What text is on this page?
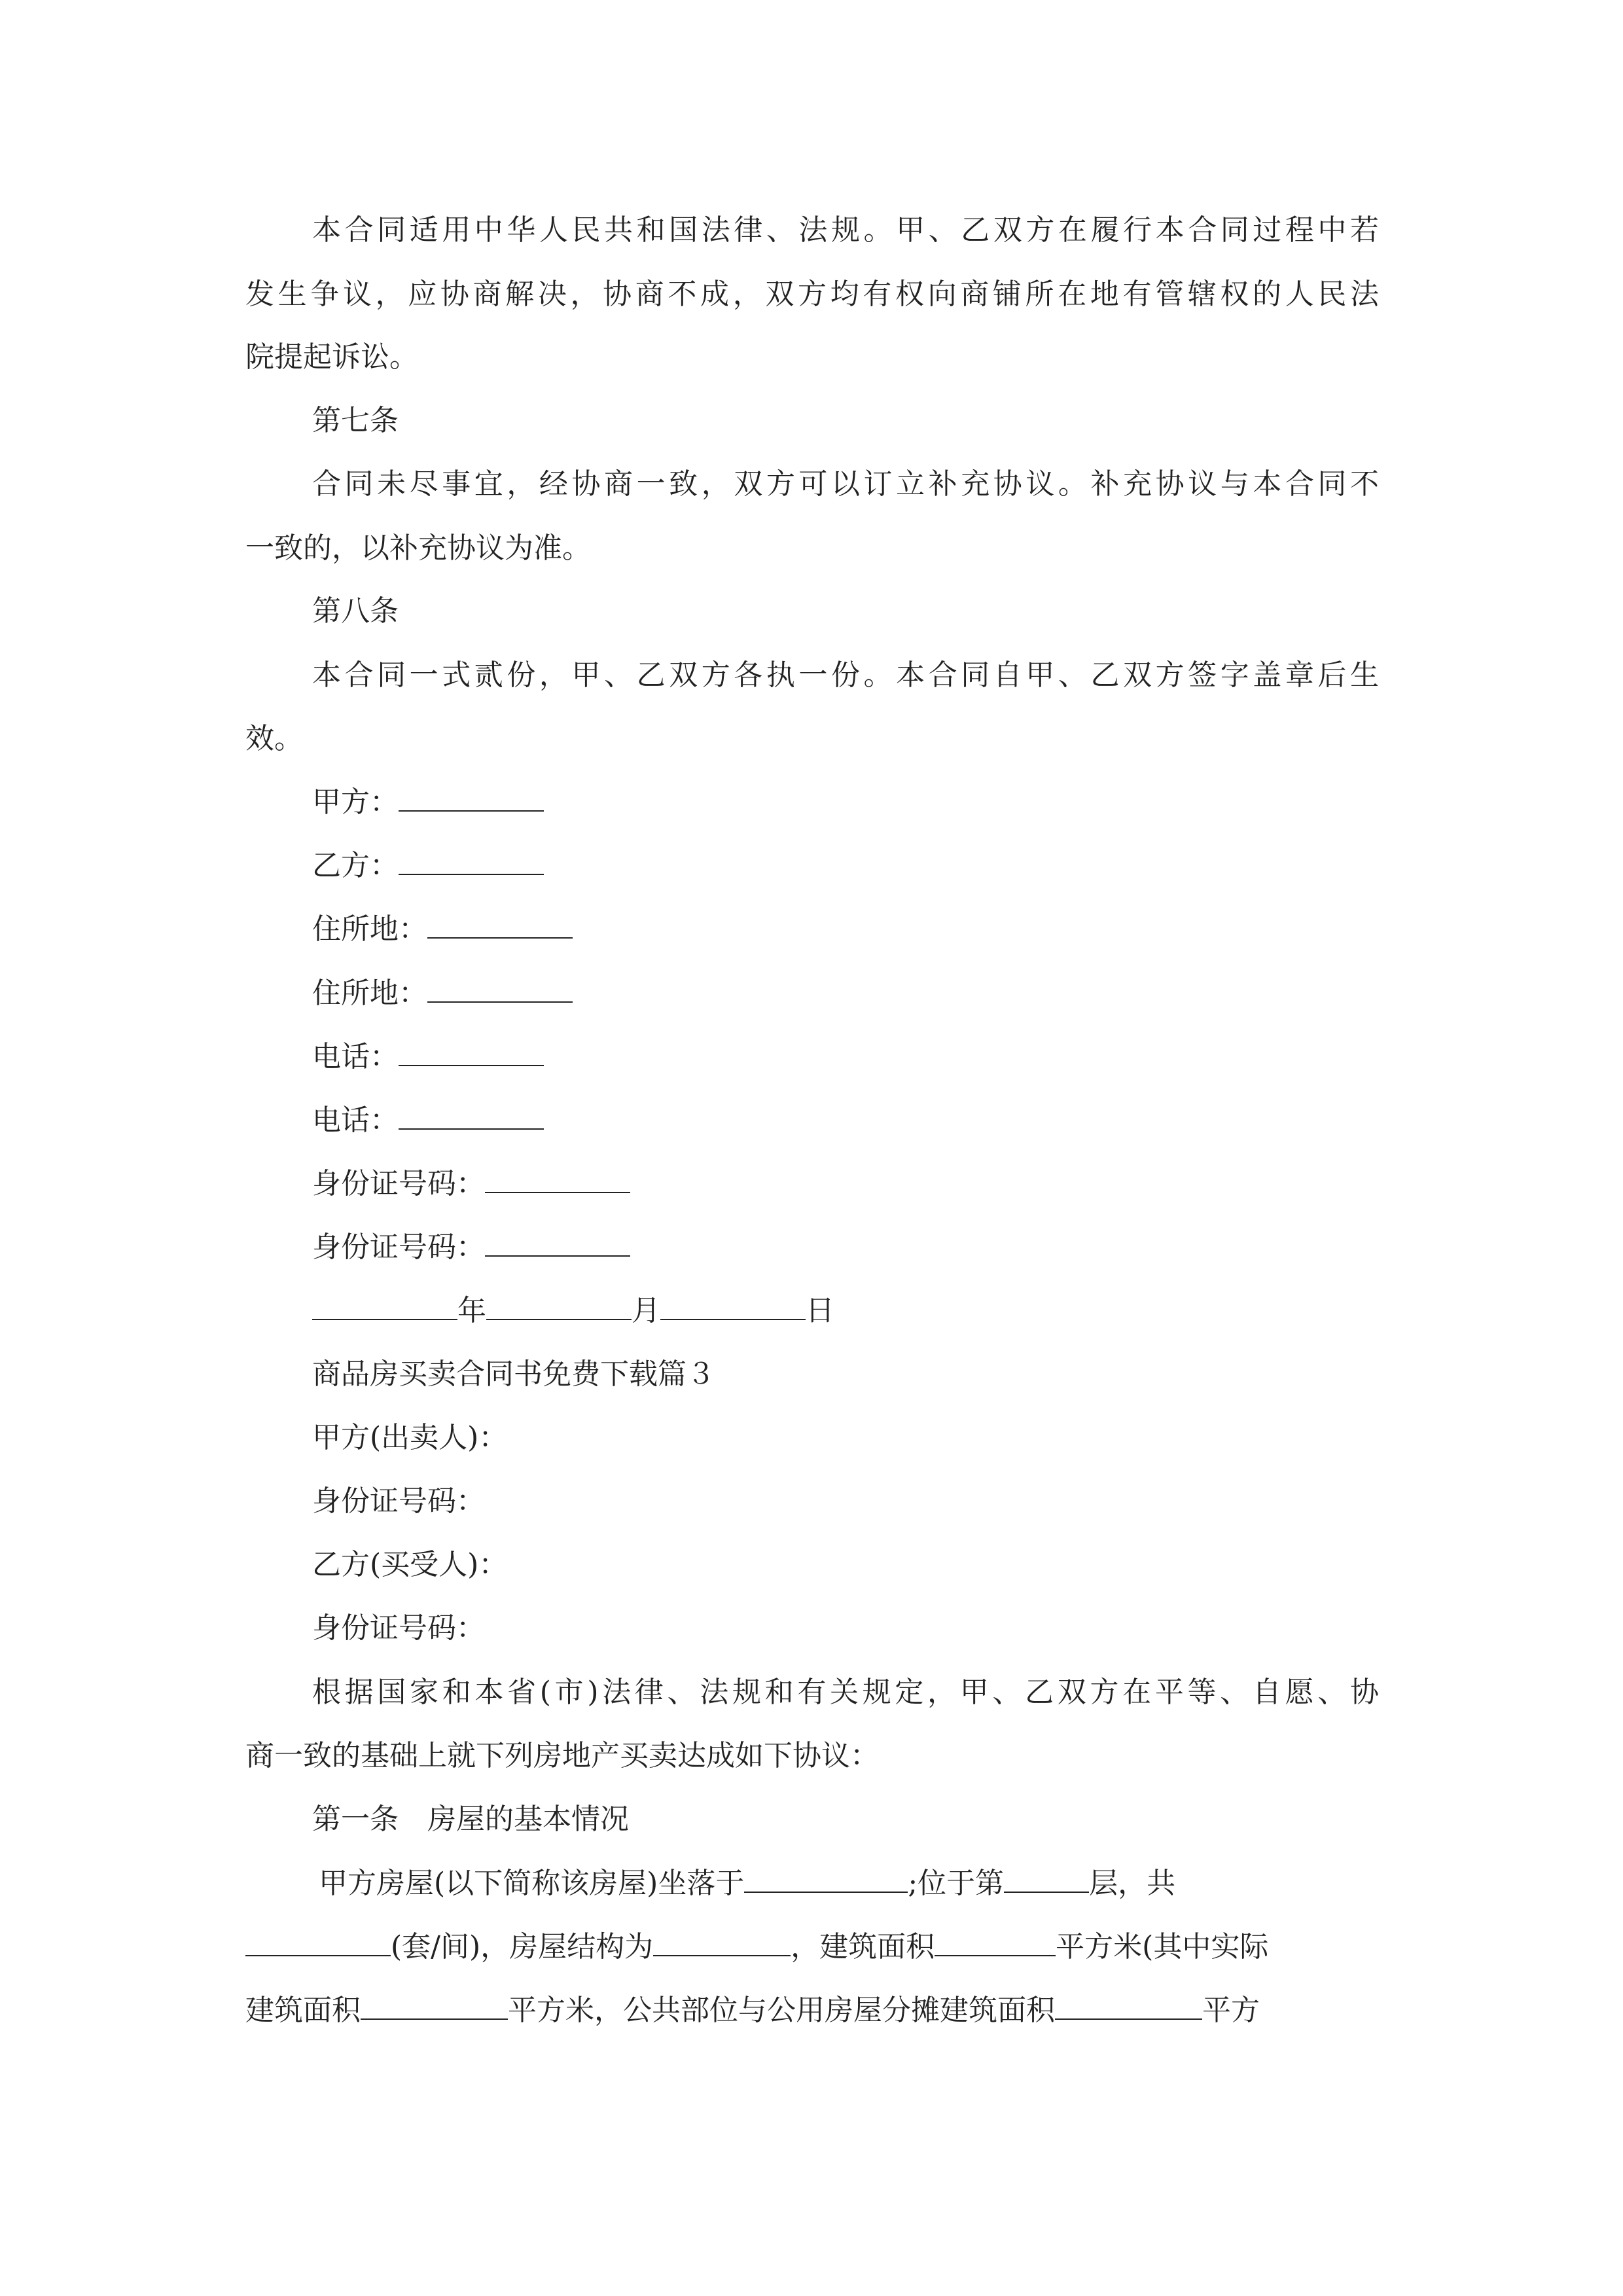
本合同适用中华人民共和国法律、法规。甲、乙双方在履行本合同过程中若
发生争议，应协商解决，协商不成，双方均有权向商铺所在地有管辖权的人民法
院提起诉讼。
第七条
合同未尽事宜，经协商一致，双方可以订立补充协议。补充协议与本合同不
一致的，以补充协议为准。
第八条
本合同一式贰份，甲、乙双方各执一份。本合同自甲、乙双方签字盖章后生
效。
甲方：
乙方：
住所地：
住所地：
电话：
电话：
身份证号码：
身份证号码：
年	月	日
商品房买卖合同书免费下载篇３
甲方(出卖人)：
身份证号码：
乙方(买受人)：
身份证号码：
根据国家和本省(市)法律、法规和有关规定，甲、乙双方在平等、自愿、协
商一致的基础上就下列房地产买卖达成如下协议：
第一条　房屋的基本情况
甲方房屋(以下简称该房屋)坐落于	;位于第	层，共
(套/间)，房屋结构为	，建筑面积	平方米(其中实际
建筑面积	平方米，公共部位与公用房屋分摊建筑面积	平方
